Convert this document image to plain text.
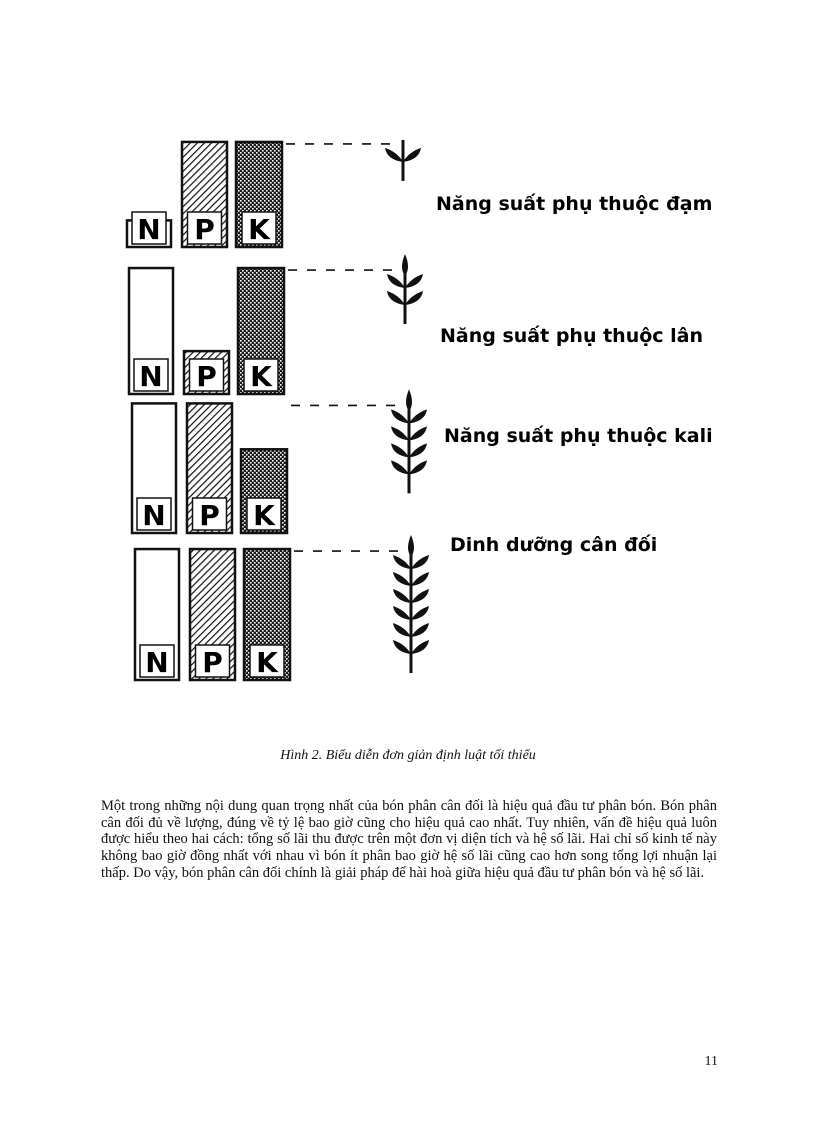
N P K
Năng suất phụ thuộc đạm
N P K
Năng suất phụ thuộc lân
N P K
Năng suất phụ thuộc kali
N P K
Dinh dưỡng cân đối
Hình 2. Biểu diễn đơn giản định luật tối thiểu

Một trong những nội dung quan trọng nhất của bón phân cân đối là hiệu quả đầu tư phân bón. Bón phân cân đối đủ về lượng, đúng về tỷ lệ bao giờ cũng cho hiệu quả cao nhất. Tuy nhiên, vấn đề hiệu quả luôn được hiểu theo hai cách: tổng số lãi thu được trên một đơn vị diện tích và hệ số lãi. Hai chỉ số kinh tế này không bao giờ đồng nhất với nhau vì bón ít phân bao giờ hệ số lãi cũng cao hơn song tổng lợi nhuận lại thấp. Do vậy, bón phân cân đối chính là giải pháp để hài hoà giữa hiệu quả đầu tư phân bón và hệ số lãi.

11
